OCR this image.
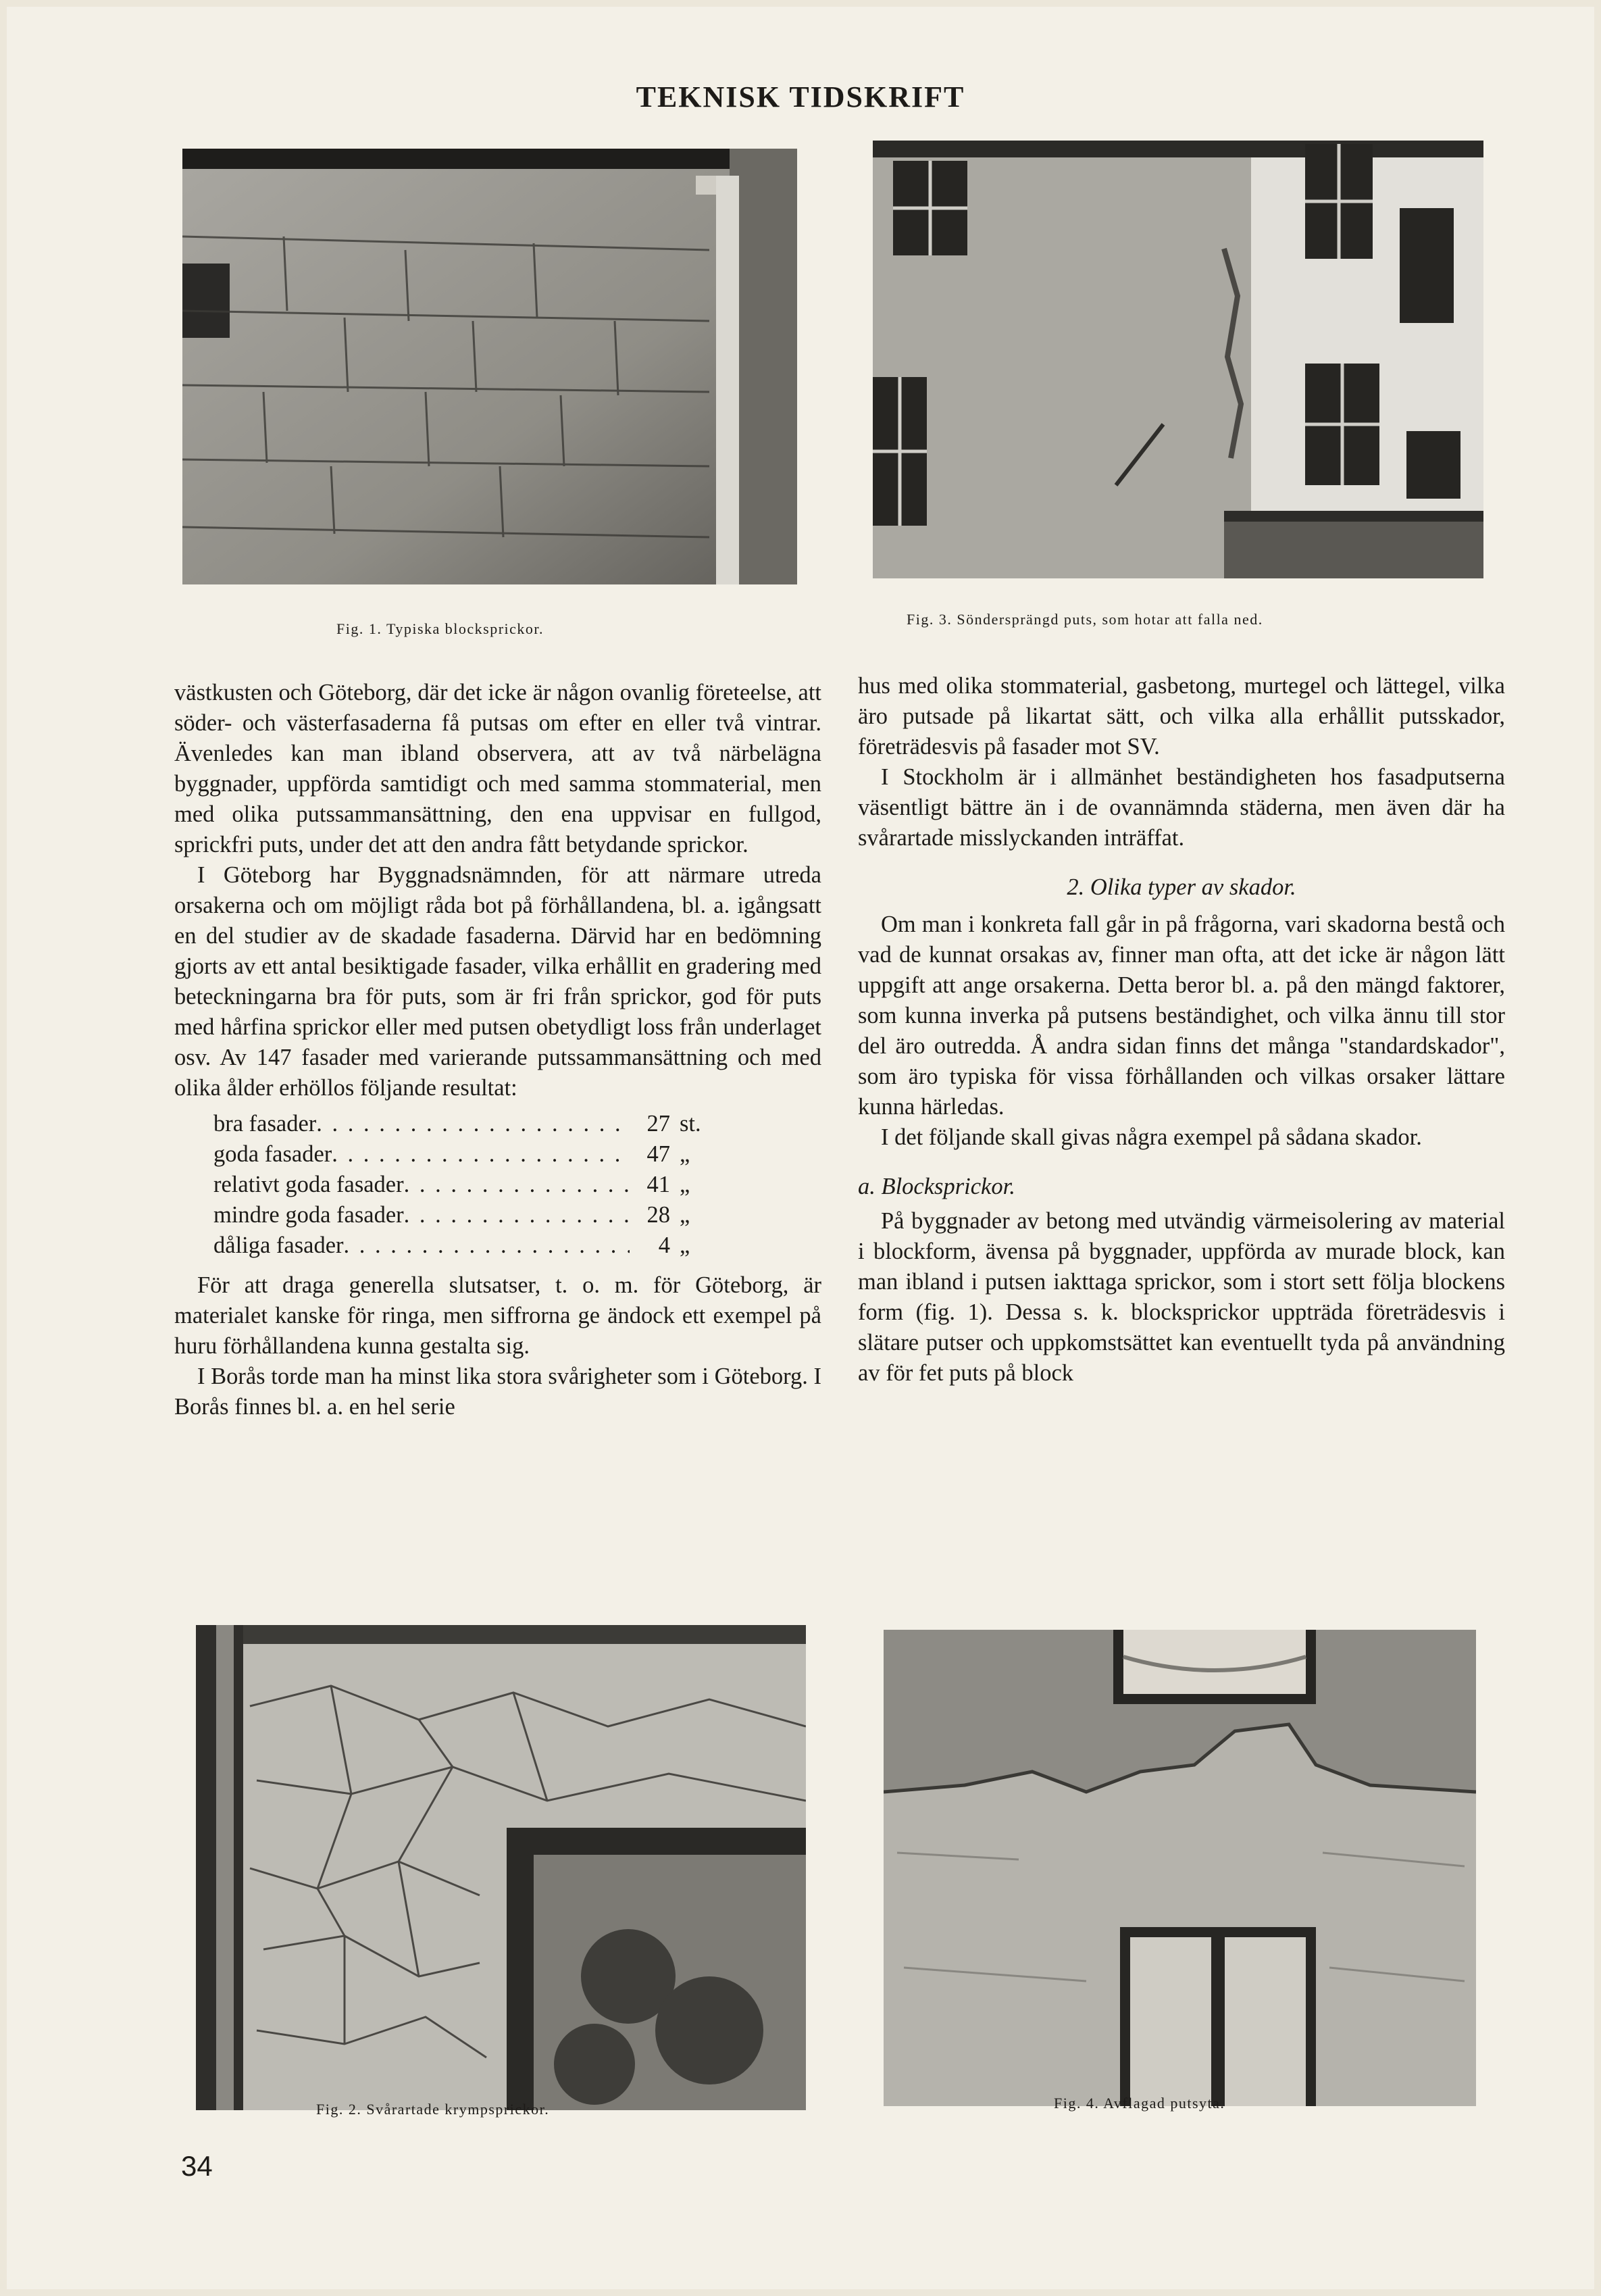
TEKNISK TIDSKRIFT
Fig. 1. Typiska blocksprickor.
Fig. 3. Söndersprängd puts, som hotar att falla ned.

västkusten och Göteborg, där det icke är någon ovanlig företeelse, att söder- och västerfasaderna få putsas om efter en eller två vintrar. Ävenledes kan man ibland observera, att av två närbelägna byggnader, uppförda samtidigt och med samma stommaterial, men med olika putssammansättning, den ena uppvisar en fullgod, sprickfri puts, under det att den andra fått betydande sprickor.

I Göteborg har Byggnadsnämnden, för att närmare utreda orsakerna och om möjligt råda bot på förhållandena, bl. a. igångsatt en del studier av de skadade fasaderna. Därvid har en bedömning gjorts av ett antal besiktigade fasader, vilka erhållit en gradering med beteckningarna bra för puts, som är fri från sprickor, god för puts med hårfina sprickor eller med putsen obetydligt loss från underlaget osv. Av 147 fasader med varierande putssammansättning och med olika ålder erhöllos följande resultat:

bra fasader . . .	27 st.
goda fasader . . .	47 „
relativt goda fasader . . .	41 „
mindre goda fasader . . .	28 „
dåliga fasader . . .	4 „

För att draga generella slutsatser, t. o. m. för Göteborg, är materialet kanske för ringa, men siffrorna ge ändock ett exempel på huru förhållandena kunna gestalta sig.

I Borås torde man ha minst lika stora svårigheter som i Göteborg. I Borås finnes bl. a. en hel serie

hus med olika stommaterial, gasbetong, murtegel och lättegel, vilka äro putsade på likartat sätt, och vilka alla erhållit putsskador, företrädesvis på fasader mot SV.

I Stockholm är i allmänhet beständigheten hos fasadputserna väsentligt bättre än i de ovannämnda städerna, men även där ha svårartade misslyckanden inträffat.

2. Olika typer av skador.

Om man i konkreta fall går in på frågorna, vari skadorna bestå och vad de kunnat orsakas av, finner man ofta, att det icke är någon lätt uppgift att ange orsakerna. Detta beror bl. a. på den mängd faktorer, som kunna inverka på putsens beständighet, och vilka ännu till stor del äro outredda. Å andra sidan finns det många "standardskador", som äro typiska för vissa förhållanden och vilkas orsaker lättare kunna härledas.

I det följande skall givas några exempel på sådana skador.

a. Blocksprickor.

På byggnader av betong med utvändig värmeisolering av material i blockform, ävensa på byggnader, uppförda av murade block, kan man ibland i putsen iakttaga sprickor, som i stort sett följa blockens form (fig. 1). Dessa s. k. blocksprickor uppträda företrädesvis i slätare putser och uppkomstsättet kan eventuellt tyda på användning av för fet puts på block

Fig. 2. Svårartade krympsprickor.	Fig. 4. Avflagad putsyta.
34
